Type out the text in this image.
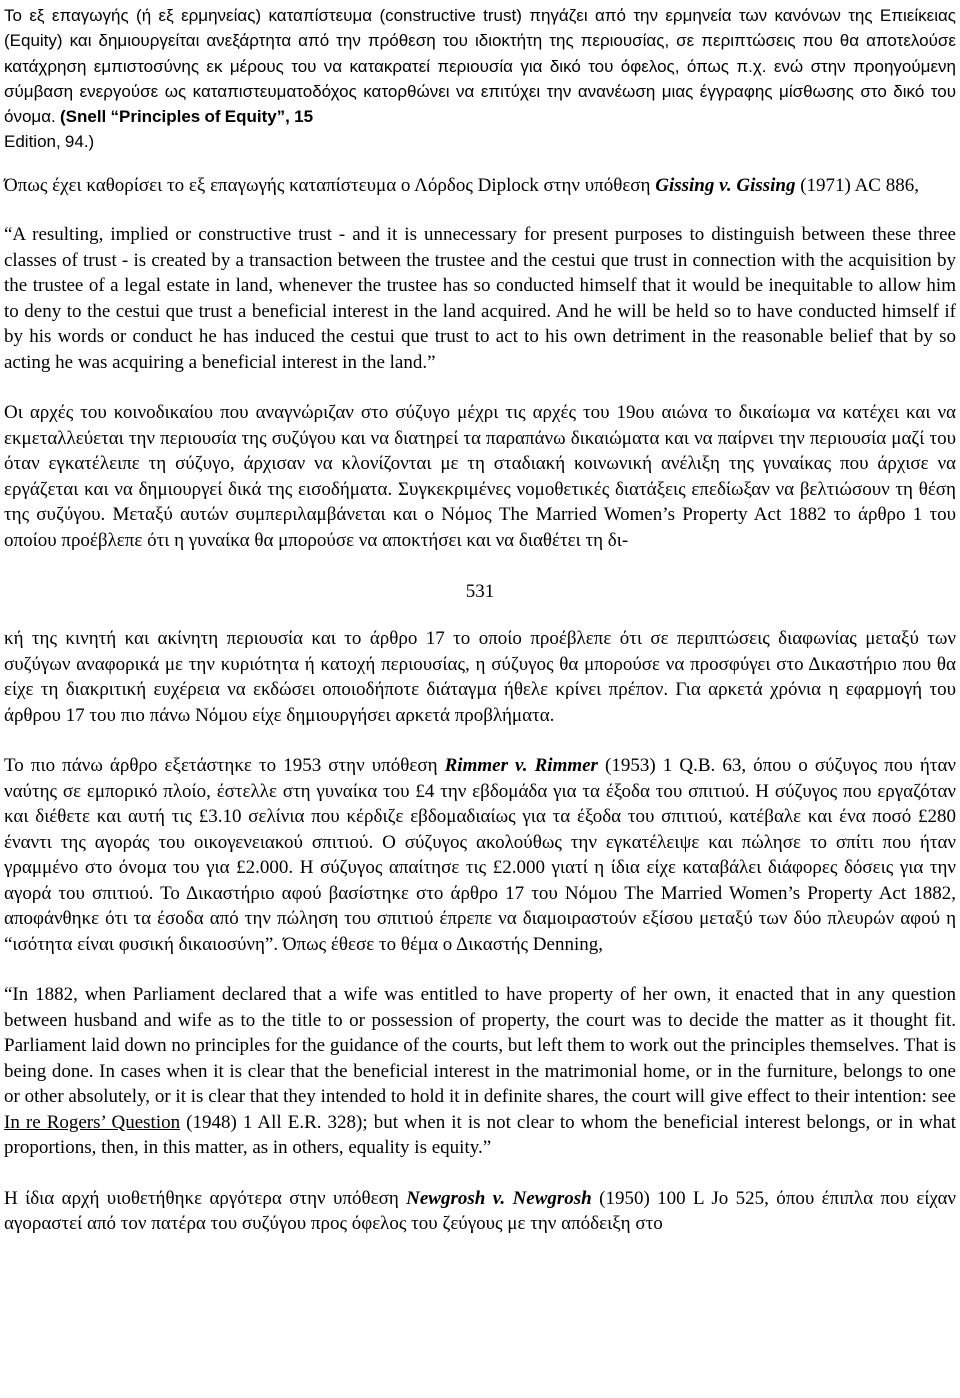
Το εξ επαγωγής (ή εξ ερμηνείας) καταπίστευμα (constructive trust) πηγάζει από την ερμηνεία των κανόνων της Επιείκειας (Equity) και δημιουργείται ανεξάρτητα από την πρόθεση του ιδιοκτήτη της περιουσίας, σε περιπτώσεις που θα αποτελούσε κατάχρηση εμπιστοσύνης εκ μέρους του να κατακρατεί περιουσία για δικό του όφελος, όπως π.χ. ενώ στην προηγούμενη σύμβαση ενεργούσε ως καταπιστευματοδόχος κατορθώνει να επιτύχει την ανανέωση μιας έγγραφης μίσθωσης στο δικό του όνομα. (Snell “Principles of Equity”, 15
Edition, 94.)

Όπως έχει καθορίσει το εξ επαγωγής καταπίστευμα ο Λόρδος Diplock στην υπόθεση Gissing v. Gissing (1971) AC 886,

“A resulting, implied or constructive trust - and it is unnecessary for present purposes to distinguish between these three classes of trust - is created by a transaction between the trustee and the cestui que trust in connection with the acquisition by the trustee of a legal estate in land, whenever the trustee has so conducted himself that it would be inequitable to allow him to deny to the cestui que trust a beneficial interest in the land acquired. And he will be held so to have conducted himself if by his words or conduct he has induced the cestui que trust to act to his own detriment in the reasonable belief that by so acting he was acquiring a beneficial interest in the land.”

Οι αρχές του κοινοδικαίου που αναγνώριζαν στο σύζυγο μέχρι τις αρχές του 19ου αιώνα το δικαίωμα να κατέχει και να εκμεταλλεύεται την περιουσία της συζύγου και να διατηρεί τα παραπάνω δικαιώματα και να παίρνει την περιουσία μαζί του όταν εγκατέλειπε τη σύζυγο, άρχισαν να κλονίζονται με τη σταδιακή κοινωνική ανέλιξη της γυναίκας που άρχισε να εργάζεται και να δημιουργεί δικά της εισοδήματα. Συγκεκριμένες νομοθετικές διατάξεις επεδίωξαν να βελτιώσουν τη θέση της συζύγου. Μεταξύ αυτών συμπεριλαμβάνεται και ο Νόμος The Married Women’s Property Act 1882 το άρθρο 1 του οποίου προέβλεπε ότι η γυναίκα θα μπορούσε να αποκτήσει και να διαθέτει τη δι-

531

κή της κινητή και ακίνητη περιουσία και το άρθρο 17 το οποίο προέβλεπε ότι σε περιπτώσεις διαφωνίας μεταξύ των συζύγων αναφορικά με την κυριότητα ή κατοχή περιουσίας, η σύζυγος θα μπορούσε να προσφύγει στο Δικαστήριο που θα είχε τη διακριτική ευχέρεια να εκδώσει οποιοδήποτε διάταγμα ήθελε κρίνει πρέπον. Για αρκετά χρόνια η εφαρμογή του άρθρου 17 του πιο πάνω Νόμου είχε δημιουργήσει αρκετά προβλήματα.

Το πιο πάνω άρθρο εξετάστηκε το 1953 στην υπόθεση Rimmer v. Rimmer (1953) 1 Q.B. 63, όπου ο σύζυγος που ήταν ναύτης σε εμπορικό πλοίο, έστελλε στη γυναίκα του £4 την εβδομάδα για τα έξοδα του σπιτιού. Η σύζυγος που εργαζόταν και διέθετε και αυτή τις £3.10 σελίνια που κέρδιζε εβδομαδιαίως για τα έξοδα του σπιτιού, κατέβαλε και ένα ποσό £280 έναντι της αγοράς του οικογενειακού σπιτιού. Ο σύζυγος ακολούθως την εγκατέλειψε και πώλησε το σπίτι που ήταν γραμμένο στο όνομα του για £2.000. Η σύζυγος απαίτησε τις £2.000 γιατί η ίδια είχε καταβάλει διάφορες δόσεις για την αγορά του σπιτιού. Το Δικαστήριο αφού βασίστηκε στο άρθρο 17 του Νόμου The Married Women’s Property Act 1882, αποφάνθηκε ότι τα έσοδα από την πώληση του σπιτιού έπρεπε να διαμοιραστούν εξίσου μεταξύ των δύο πλευρών αφού η “ισότητα είναι φυσική δικαιοσύνη”. Όπως έθεσε το θέμα ο Δικαστής Denning,

“In 1882, when Parliament declared that a wife was entitled to have property of her own, it enacted that in any question between husband and wife as to the title to or possession of property, the court was to decide the matter as it thought fit. Parliament laid down no principles for the guidance of the courts, but left them to work out the principles themselves. That is being done. In cases when it is clear that the beneficial interest in the matrimonial home, or in the furniture, belongs to one or other absolutely, or it is clear that they intended to hold it in definite shares, the court will give effect to their intention: see In re Rogers’ Question (1948) 1 All E.R. 328); but when it is not clear to whom the beneficial interest belongs, or in what proportions, then, in this matter, as in others, equality is equity.”

Η ίδια αρχή υιοθετήθηκε αργότερα στην υπόθεση Newgrosh v. Newgrosh (1950) 100 L Jo 525, όπου έπιπλα που είχαν αγοραστεί από τον πατέρα του συζύγου προς όφελος του ζεύγους με την απόδειξη στο
